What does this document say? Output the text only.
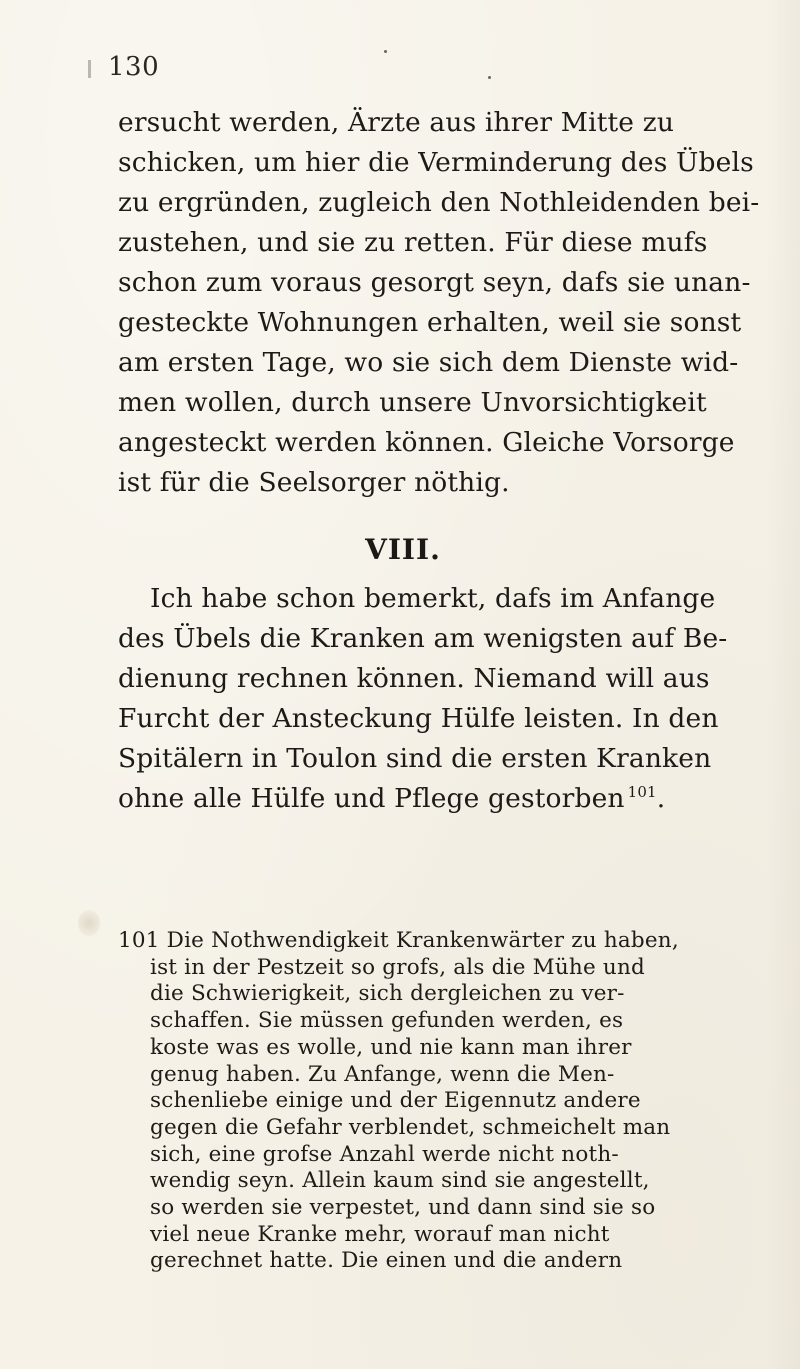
130
ersucht werden, Ärzte aus ihrer Mitte zu
schicken, um hier die Verminderung des Übels
zu ergründen, zugleich den Nothleidenden bei-
zustehen, und sie zu retten. Für diese mufs
schon zum voraus gesorgt seyn, dafs sie unan-
gesteckte Wohnungen erhalten, weil sie sonst
am ersten Tage, wo sie sich dem Dienste wid-
men wollen, durch unsere Unvorsichtigkeit
angesteckt werden können. Gleiche Vorsorge
ist für die Seelsorger nöthig.
VIII.
Ich habe schon bemerkt, dafs im Anfange
des Übels die Kranken am wenigsten auf Be-
dienung rechnen können. Niemand will aus
Furcht der Ansteckung Hülfe leisten. In den
Spitälern in Toulon sind die ersten Kranken
ohne alle Hülfe und Pflege gestorben $^{101}$.
101 Die Nothwendigkeit Krankenwärter zu haben,
ist in der Pestzeit so grofs, als die Mühe und
die Schwierigkeit, sich dergleichen zu ver-
schaffen. Sie müssen gefunden werden, es
koste was es wolle, und nie kann man ihrer
genug haben. Zu Anfange, wenn die Men-
schenliebe einige und der Eigennutz andere
gegen die Gefahr verblendet, schmeichelt man
sich, eine grofse Anzahl werde nicht noth-
wendig seyn. Allein kaum sind sie angestellt,
so werden sie verpestet, und dann sind sie so
viel neue Kranke mehr, worauf man nicht
gerechnet hatte. Die einen und die andern
